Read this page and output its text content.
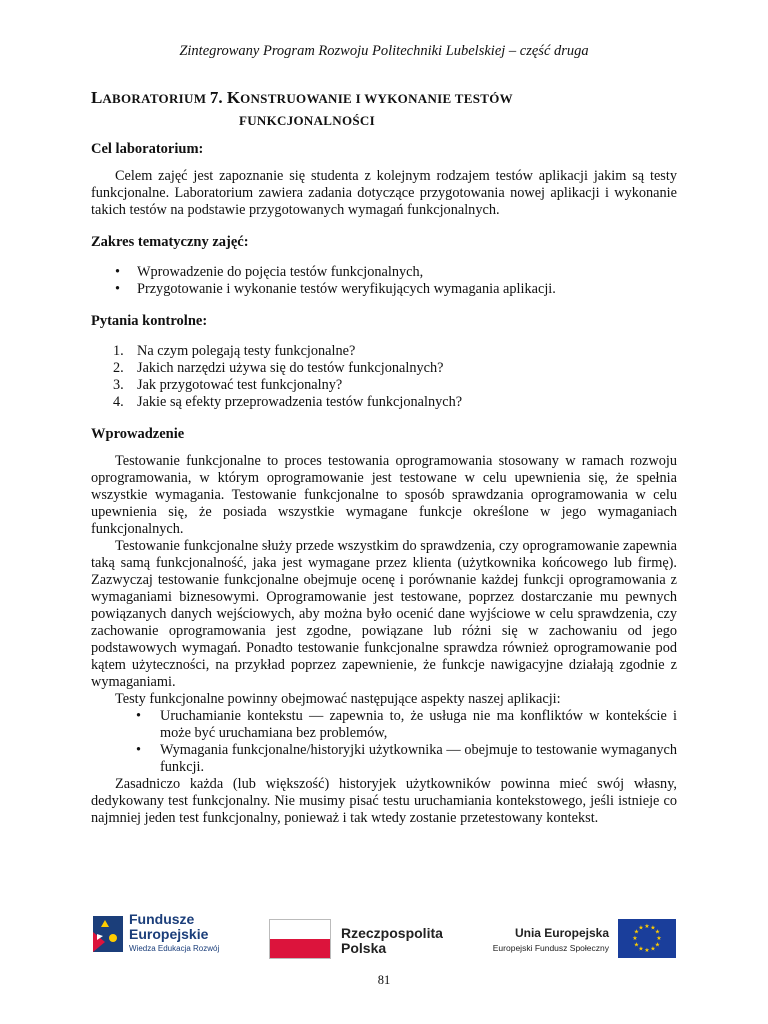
Zintegrowany Program Rozwoju Politechniki Lubelskiej – część druga
LABORATORIUM 7. KONSTRUOWANIE I WYKONANIE TESTÓW
FUNKCJONALNOŚCI
Cel laboratorium:

Celem zajęć jest zapoznanie się studenta z kolejnym rodzajem testów aplikacji jakim są testy funkcjonalne. Laboratorium zawiera zadania dotyczące przygotowania nowej aplikacji i wykonanie takich testów na podstawie przygotowanych wymagań funkcjonalnych.

Zakres tematyczny zajęć:
• Wprowadzenie do pojęcia testów funkcjonalnych,
• Przygotowanie i wykonanie testów weryfikujących wymagania aplikacji.
Pytania kontrolne:
1. Na czym polegają testy funkcjonalne?
2. Jakich narzędzi używa się do testów funkcjonalnych?
3. Jak przygotować test funkcjonalny?
4. Jakie są efekty przeprowadzenia testów funkcjonalnych?
Wprowadzenie

Testowanie funkcjonalne to proces testowania oprogramowania stosowany w ramach rozwoju oprogramowania, w którym oprogramowanie jest testowane w celu upewnienia się, że spełnia wszystkie wymagania. Testowanie funkcjonalne to sposób sprawdzania oprogramowania w celu upewnienia się, że posiada wszystkie wymagane funkcje określone w jego wymaganiach funkcjonalnych.

Testowanie funkcjonalne służy przede wszystkim do sprawdzenia, czy oprogramowanie zapewnia taką samą funkcjonalność, jaka jest wymagane przez klienta (użytkownika końcowego lub firmę). Zazwyczaj testowanie funkcjonalne obejmuje ocenę i porównanie każdej funkcji oprogramowania z wymaganiami biznesowymi. Oprogramowanie jest testowane, poprzez dostarczanie mu pewnych powiązanych danych wejściowych, aby można było ocenić dane wyjściowe w celu sprawdzenia, czy zachowanie oprogramowania jest zgodne, powiązane lub różni się w zachowaniu od jego podstawowych wymagań. Ponadto testowanie funkcjonalne sprawdza również oprogramowanie pod kątem użyteczności, na przykład poprzez zapewnienie, że funkcje nawigacyjne działają zgodnie z wymaganiami.

Testy funkcjonalne powinny obejmować następujące aspekty naszej aplikacji:

• Uruchamianie kontekstu — zapewnia to, że usługa nie ma konfliktów w kontekście i może być uruchamiana bez problemów,
• Wymagania funkcjonalne/historyjki użytkownika — obejmuje to testowanie wymaganych funkcji.

Zasadniczo każda (lub większość) historyjek użytkowników powinna mieć swój własny, dedykowany test funkcjonalny. Nie musimy pisać testu uruchamiania kontekstowego, jeśli istnieje co najmniej jeden test funkcjonalny, ponieważ i tak wtedy zostanie przetestowany kontekst.

Fundusze
Europejskie
Wiedza Edukacja Rozwój
Rzeczpospolita
Polska
Unia Europejska
Europejski Fundusz Społeczny
★ ★
★
★
★
★
★
★
★
★
★
★
81
